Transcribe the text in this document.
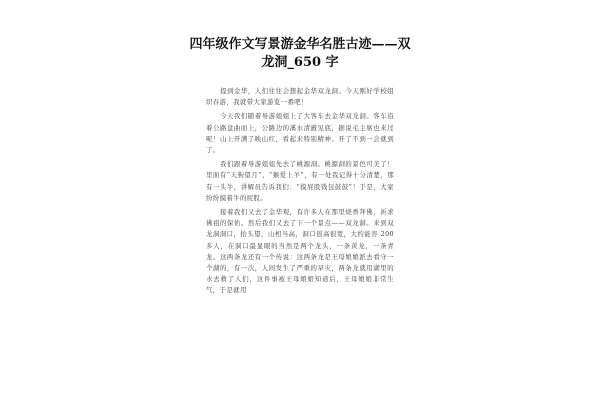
四年级作文写景游金华名胜古迹——双
龙洞_650 字

提到金华，人们往往会想起金华双龙洞。今天刚好学校组织春游，我就带大家游览一番吧！

今天我们随着导游姐姐上了大客车去金华双龙洞。客车沿着公路盘曲而上，公路边的溪水清澈见底，据说毛主席也来过呢！山上开满了映山红，看起来特别精神。开了不到一会就到了。

我们跟着导游姐姐先去了桃源洞。桃源洞的景色可美了！里面有“天狗望月”、“猴爱上羊”，有一处我记得十分清楚，那有一头牛，讲解员告诉我们：“摸屁股钱包鼓鼓”！于是，大家纷纷摸着牛的屁股。

接着我们又去了金华观，有许多人在那里烧香拜佛，祈求佛祖的保佑。然后我们又去了下一个景点——双龙洞。来到双龙洞洞口，抬头望，山相当高，洞口很高很宽，大约能容 200 多人，在洞口最显眼的当然是两个龙头，一条黄龙，一条青龙。这两条龙还有一个传说：这两条龙是王母娘娘派去看守一个湖的，有一次，人间发生了严重的旱灾，两条龙就用湖里的水去救了人们，这件事被王母娘娘知道后，王母娘娘非常生气，于是就用
